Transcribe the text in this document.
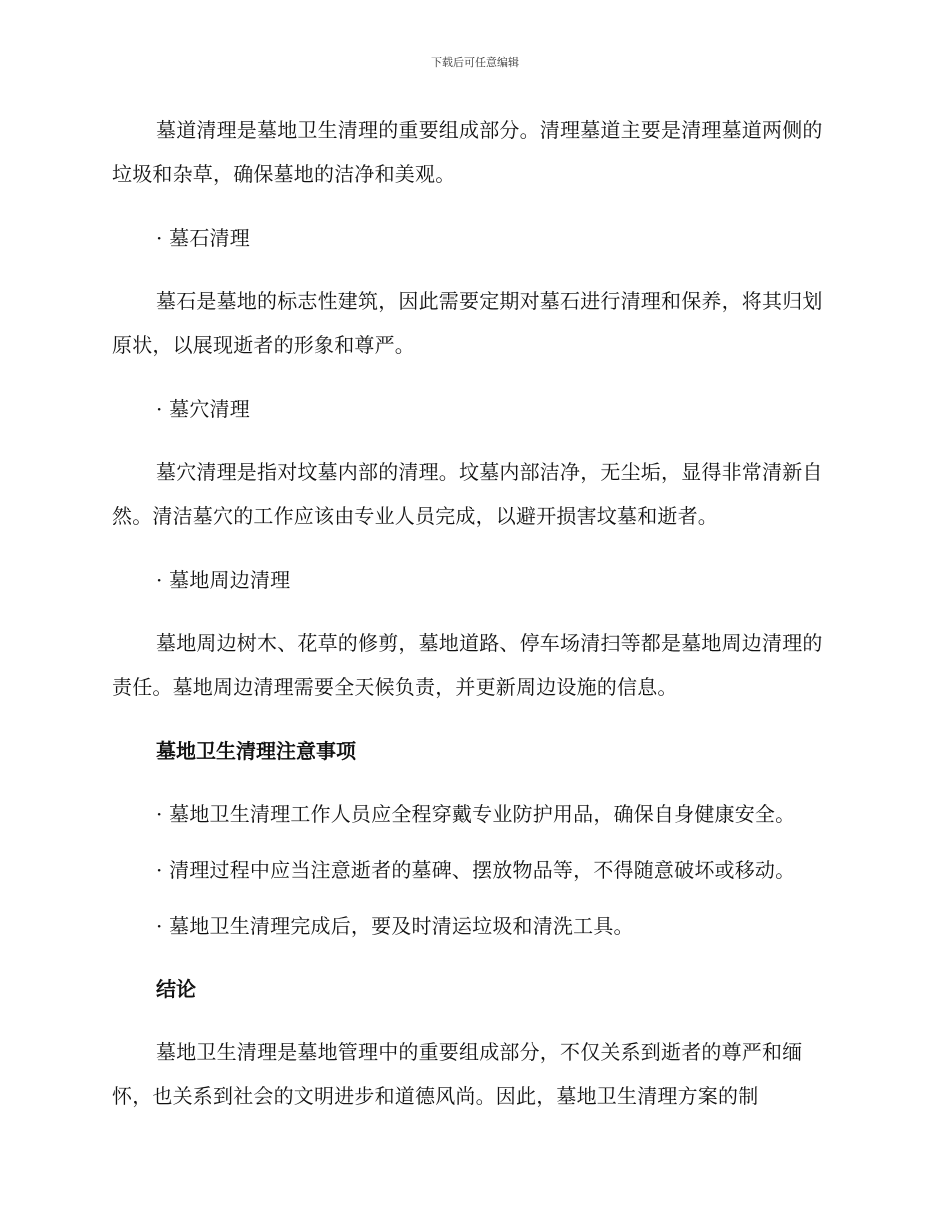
下载后可任意编辑

墓道清理是墓地卫生清理的重要组成部分。清理墓道主要是清理墓道两侧的垃圾和杂草，确保墓地的洁净和美观。

· 墓石清理

墓石是墓地的标志性建筑，因此需要定期对墓石进行清理和保养，将其归划原状，以展现逝者的形象和尊严。

· 墓穴清理

墓穴清理是指对坟墓内部的清理。坟墓内部洁净，无尘垢，显得非常清新自然。清洁墓穴的工作应该由专业人员完成，以避开损害坟墓和逝者。

· 墓地周边清理

墓地周边树木、花草的修剪，墓地道路、停车场清扫等都是墓地周边清理的责任。墓地周边清理需要全天候负责，并更新周边设施的信息。

墓地卫生清理注意事项

· 墓地卫生清理工作人员应全程穿戴专业防护用品，确保自身健康安全。

· 清理过程中应当注意逝者的墓碑、摆放物品等，不得随意破坏或移动。

· 墓地卫生清理完成后，要及时清运垃圾和清洗工具。

结论

墓地卫生清理是墓地管理中的重要组成部分，不仅关系到逝者的尊严和缅怀，也关系到社会的文明进步和道德风尚。因此，墓地卫生清理方案的制
